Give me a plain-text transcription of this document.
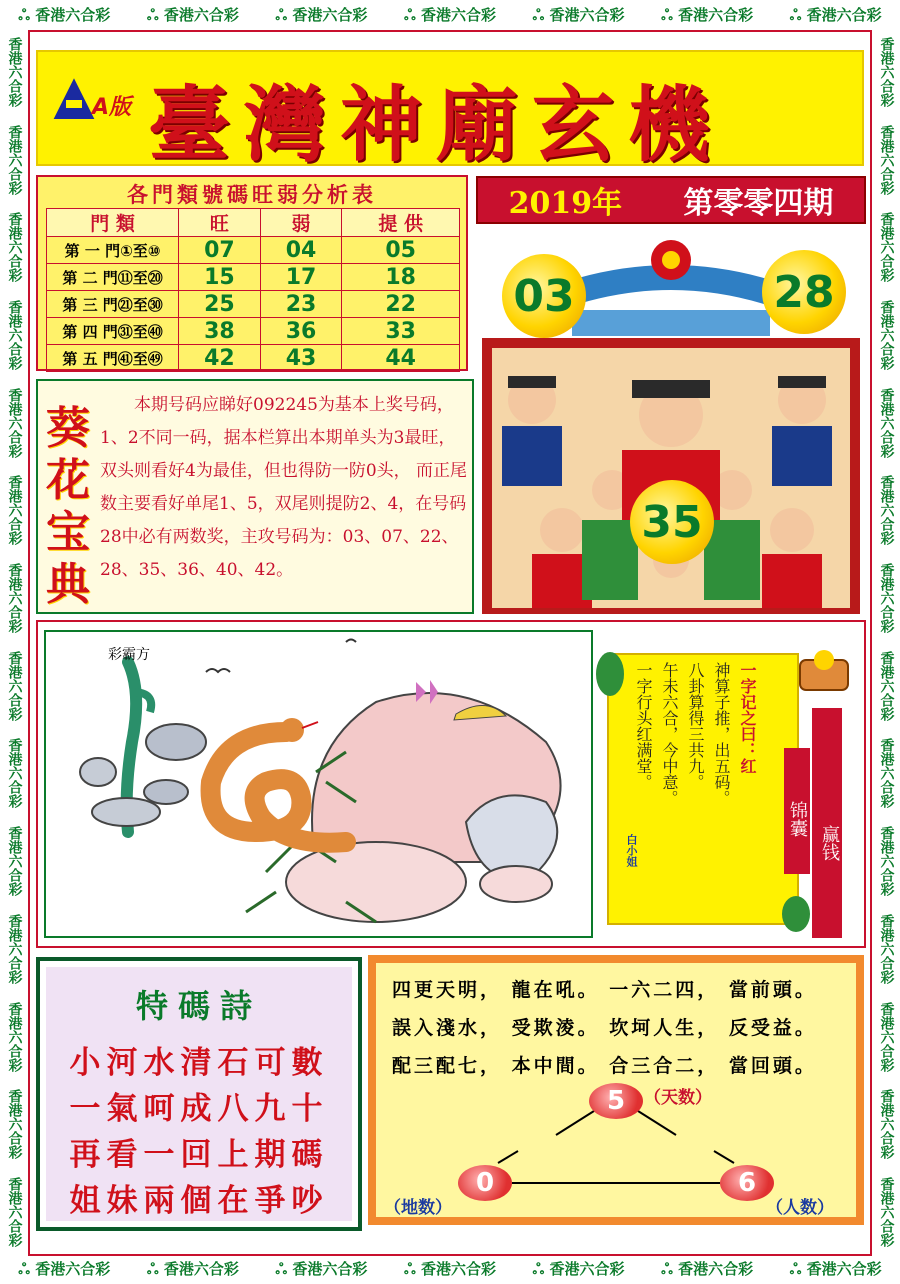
ஃ 香港六合彩 ஃ 香港六合彩 ஃ 香港六合彩 ஃ 香港六合彩 ஃ 香港六合彩 ஃ 香港六合彩 ஃ 香港六合彩
ஃ 香港六合彩 ஃ 香港六合彩 ஃ 香港六合彩 ஃ 香港六合彩 ஃ 香港六合彩 ஃ 香港六合彩 ஃ 香港六合彩
香港六合彩
香港六合彩
香港六合彩
香港六合彩
香港六合彩
香港六合彩
香港六合彩
香港六合彩
香港六合彩
香港六合彩
香港六合彩
香港六合彩
香港六合彩
香港六合彩
香港六合彩
香港六合彩
香港六合彩
香港六合彩
香港六合彩
香港六合彩
香港六合彩
香港六合彩
香港六合彩
香港六合彩
香港六合彩
香港六合彩
香港六合彩
香港六合彩
A版 臺灣神廟玄機
各門類號碼旺弱分析表
門 類	旺	弱	提 供
第 一 門①至⑩	07	04	05
第 二 門⑪至⑳	15	17	18
第 三 門㉑至㉚	25	23	22
第 四 門㉛至㊵	38	36	33
第 五 門㊶至㊾	42	43	44
2019年 第零零四期
03	28
35
葵花宝典
本期号码应睇好092245为基本上奖号码，1、2不同一码，据本栏算出本期单头为3最旺，双头则看好4为最佳，但也得防一防0头， 而正尾数主要看好单尾1、5，双尾则提防2、4，在号码28中必有两数奖，主攻号码为：03、07、22、28、35、36、40、42。
彩霸方
一字记之曰：红
神算子推，出五码。
八卦算得三共九。
午未六合，今中意。
一字行头红满堂。
白小姐
锦囊
赢钱
特碼詩
小河水清石可數
一氣呵成八九十
再看一回上期碼
姐妹兩個在爭吵
四更天明， 龍在吼。 一六二四， 當前頭。
誤入淺水， 受欺淩。 坎坷人生， 反受益。
配三配七， 本中間。 合三合二， 當回頭。
5	（天数）
0
（地数）
6
（人数）
